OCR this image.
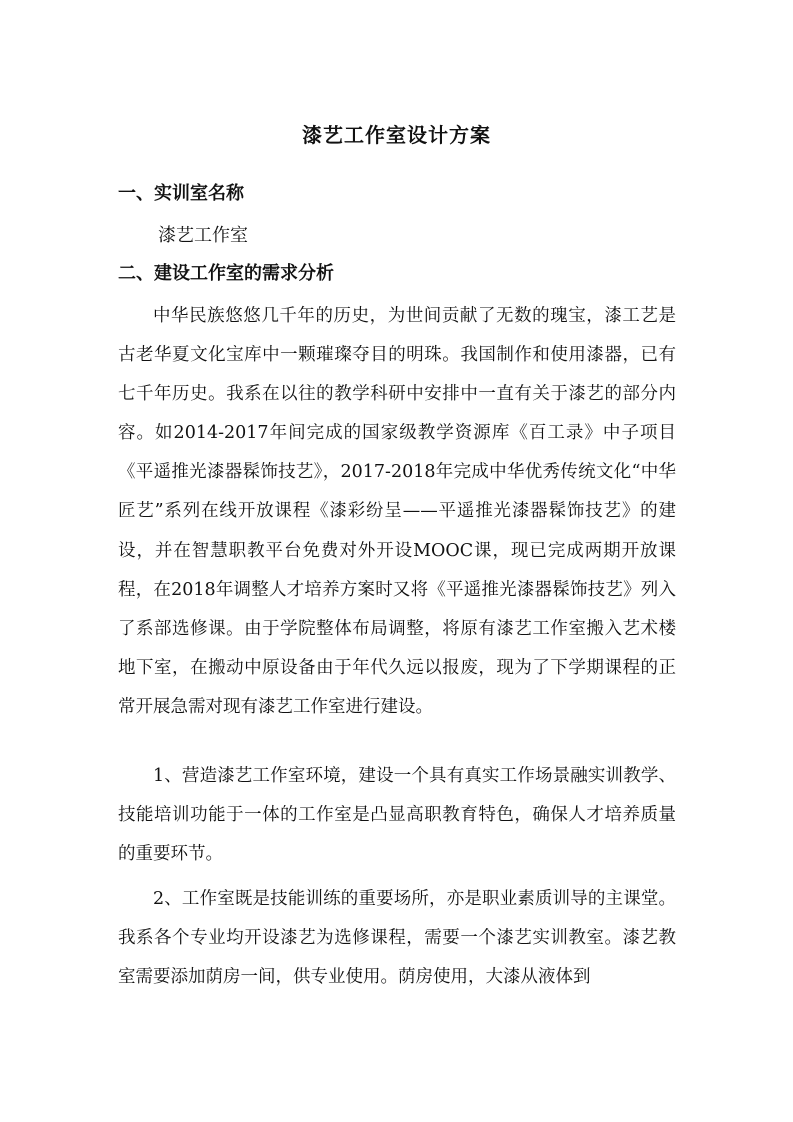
漆艺工作室设计方案
一、实训室名称
漆艺工作室
二、建设工作室的需求分析

中华民族悠悠几千年的历史，为世间贡献了无数的瑰宝，漆工艺是古老华夏文化宝库中一颗璀璨夺目的明珠。我国制作和使用漆器，已有七千年历史。我系在以往的教学科研中安排中一直有关于漆艺的部分内容。如2014-2017年间完成的国家级教学资源库《百工录》中子项目《平遥推光漆器髹饰技艺》，2017-2018年完成中华优秀传统文化“中华匠艺”系列在线开放课程《漆彩纷呈——平遥推光漆器髹饰技艺》的建设，并在智慧职教平台免费对外开设MOOC课，现已完成两期开放课程，在2018年调整人才培养方案时又将《平遥推光漆器髹饰技艺》列入了系部选修课。由于学院整体布局调整，将原有漆艺工作室搬入艺术楼地下室，在搬动中原设备由于年代久远以报废，现为了下学期课程的正常开展急需对现有漆艺工作室进行建设。

1、营造漆艺工作室环境，建设一个具有真实工作场景融实训教学、技能培训功能于一体的工作室是凸显高职教育特色，确保人才培养质量的重要环节。

2、工作室既是技能训练的重要场所，亦是职业素质训导的主课堂。我系各个专业均开设漆艺为选修课程，需要一个漆艺实训教室。漆艺教室需要添加荫房一间，供专业使用。荫房使用，大漆从液体到
